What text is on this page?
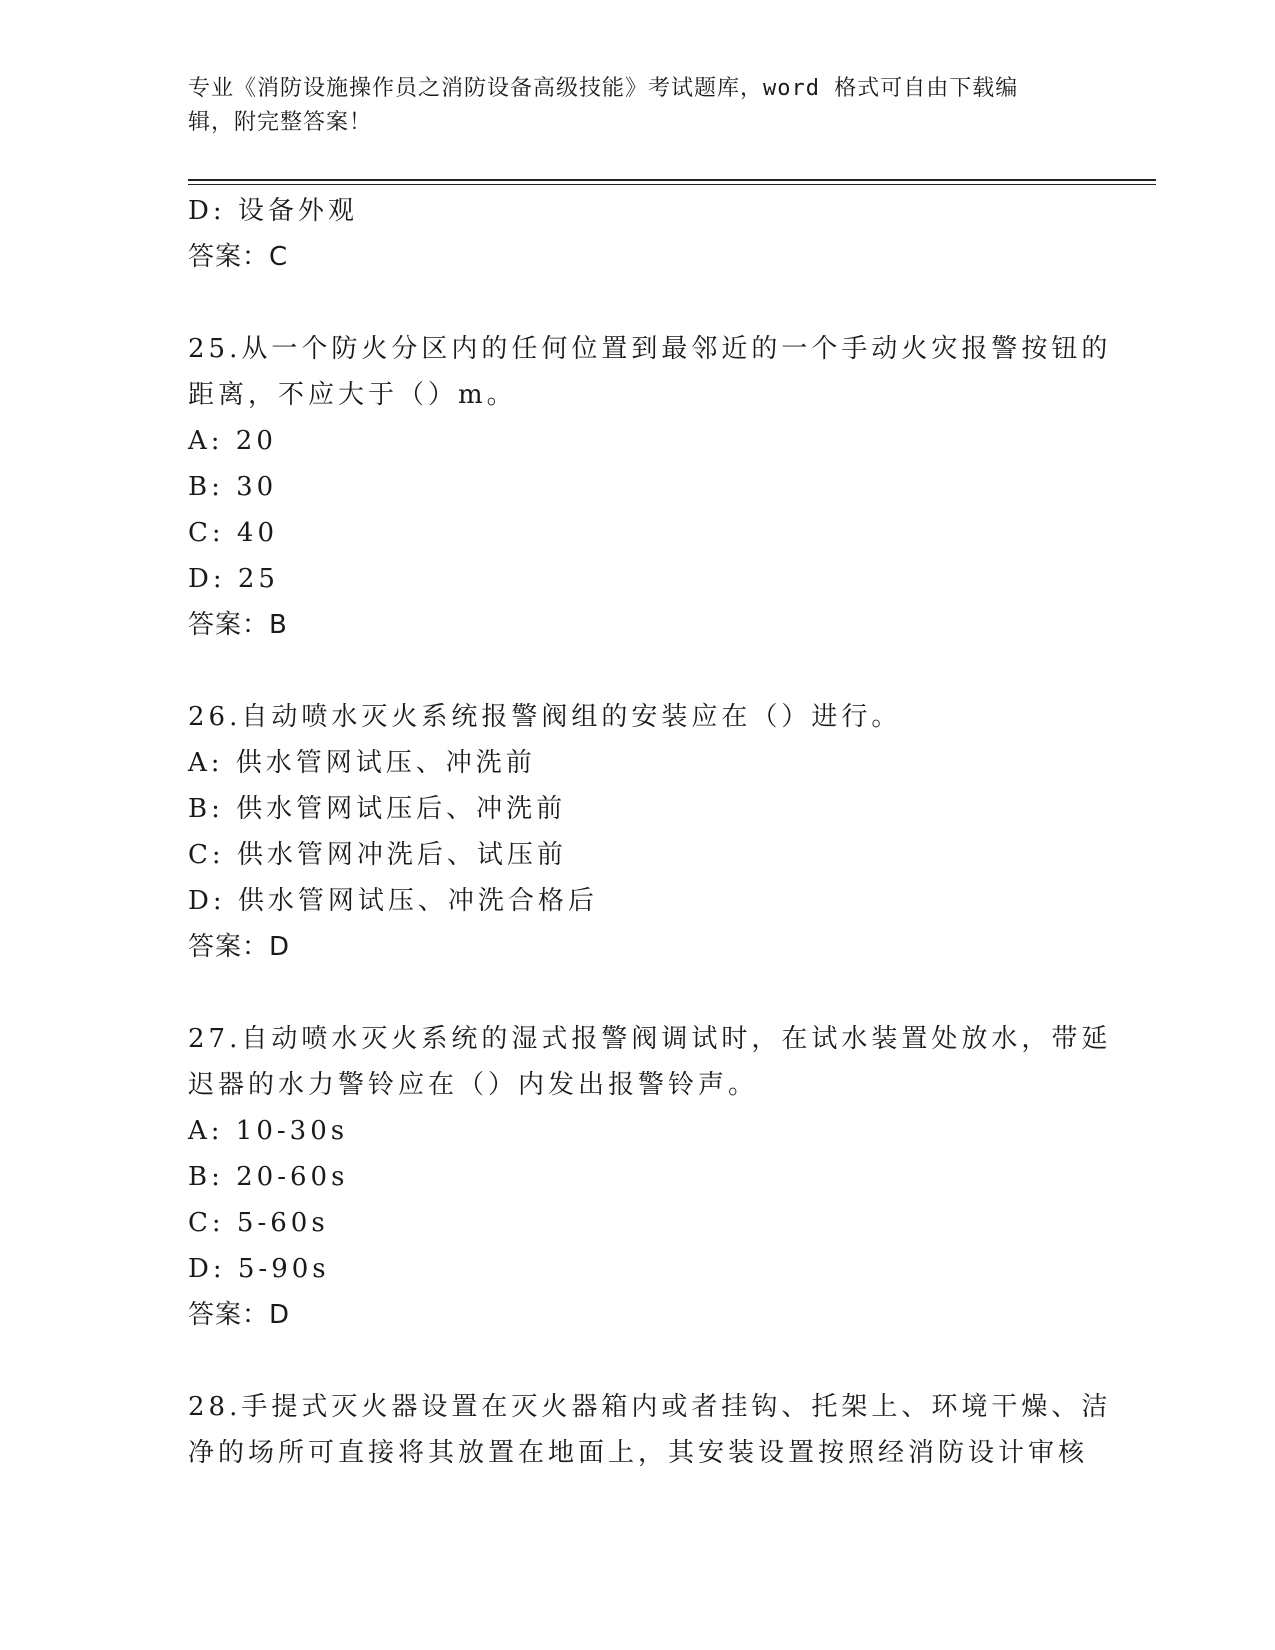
专业《消防设施操作员之消防设备高级技能》考试题库，word 格式可自由下载编
辑，附完整答案！
D: 设备外观
答案：C
25.从一个防火分区内的任何位置到最邻近的一个手动火灾报警按钮的
距离，不应大于（）m。
A: 20
B: 30
C: 40
D: 25
答案：B
26.自动喷水灭火系统报警阀组的安装应在（）进行。
A: 供水管网试压、冲洗前
B: 供水管网试压后、冲洗前
C: 供水管网冲洗后、试压前
D: 供水管网试压、冲洗合格后
答案：D
27.自动喷水灭火系统的湿式报警阀调试时，在试水装置处放水，带延
迟器的水力警铃应在（）内发出报警铃声。
A: 10-30s
B: 20-60s
C: 5-60s
D: 5-90s
答案：D
28.手提式灭火器设置在灭火器箱内或者挂钩、托架上、环境干燥、洁
净的场所可直接将其放置在地面上，其安装设置按照经消防设计审核
